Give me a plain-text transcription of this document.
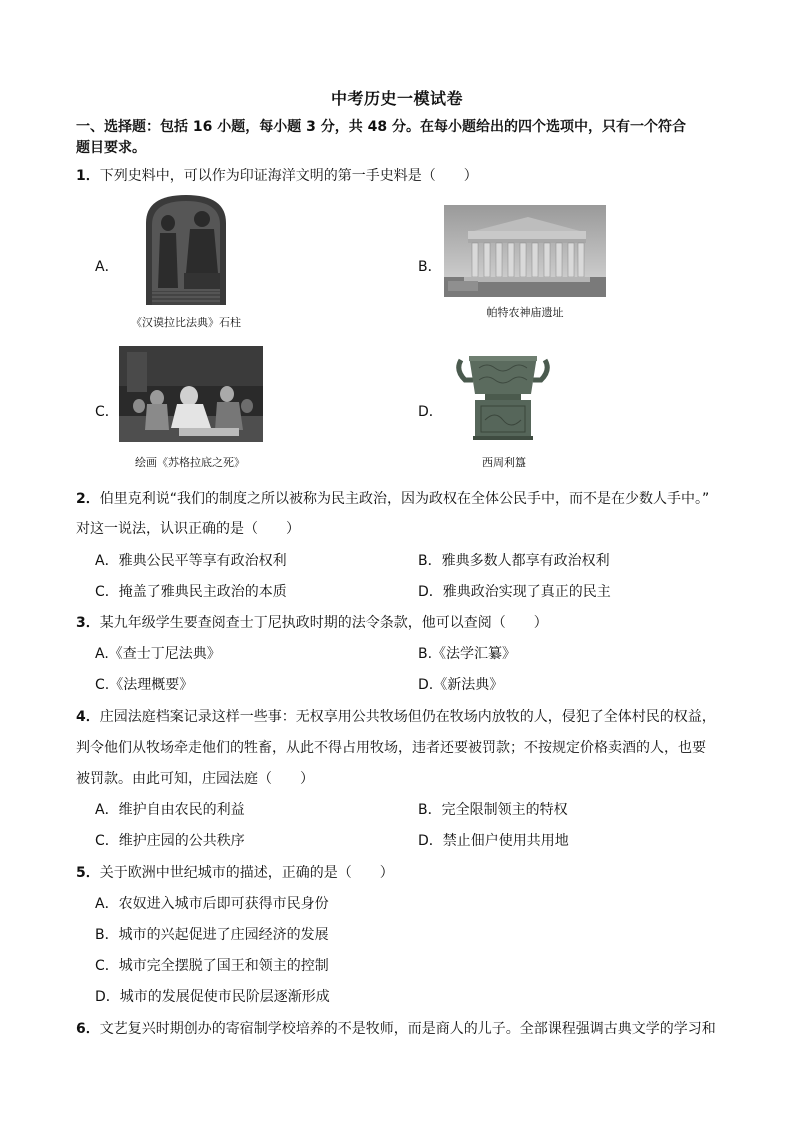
中考历史一模试卷
一、选择题：包括 16 小题，每小题 3 分，共 48 分。在每小题给出的四个选项中，只有一个符合
题目要求。
1．下列史料中，可以作为印证海洋文明的第一手史料是（　　）
A．
《汉谟拉比法典》石柱
B．
帕特农神庙遗址
C．
绘画《苏格拉底之死》
D．
西周利簋
2．伯里克利说“我们的制度之所以被称为民主政治，因为政权在全体公民手中，而不是在少数人手中。”
对这一说法，认识正确的是（　　）
A．雅典公民平等享有政治权利	B．雅典多数人都享有政治权利
C．掩盖了雅典民主政治的本质	D．雅典政治实现了真正的民主
3．某九年级学生要查阅查士丁尼执政时期的法令条款，他可以查阅（　　）
A.《查士丁尼法典》	B.《法学汇纂》
C.《法理概要》	D.《新法典》
4．庄园法庭档案记录这样一些事：无权享用公共牧场但仍在牧场内放牧的人，侵犯了全体村民的权益，
判令他们从牧场牵走他们的牲畜，从此不得占用牧场，违者还要被罚款；不按规定价格卖酒的人，也要
被罚款。由此可知，庄园法庭（　　）
A．维护自由农民的利益	B．完全限制领主的特权
C．维护庄园的公共秩序	D．禁止佃户使用共用地
5．关于欧洲中世纪城市的描述，正确的是（　　）
A．农奴进入城市后即可获得市民身份
B．城市的兴起促进了庄园经济的发展
C．城市完全摆脱了国王和领主的控制
D．城市的发展促使市民阶层逐渐形成
6．文艺复兴时期创办的寄宿制学校培养的不是牧师，而是商人的儿子。全部课程强调古典文学的学习和
